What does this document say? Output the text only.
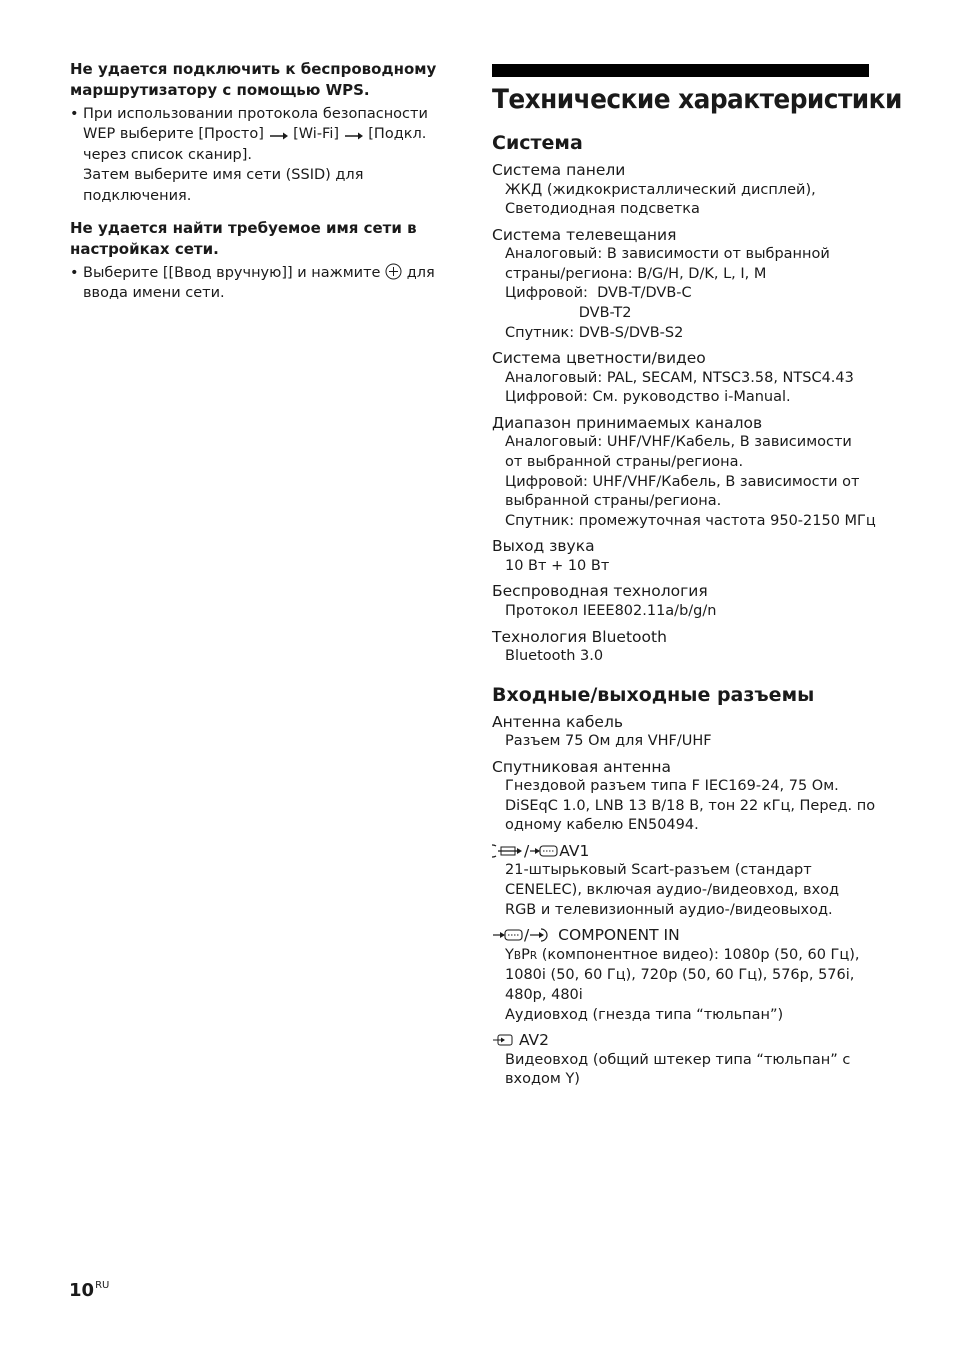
Не удается подключить к беспроводному маршрутизатору с помощью WPS.

• При использовании протокола безопасности
WEP выберите [Просто] [Wi-Fi] [Подкл.
через список сканир].
Затем выберите имя сети (SSID) для
подключения.

Не удается найти требуемое имя сети в настройках сети.

• Выберите [[Ввод вручную]] и нажмите для
ввода имени сети.
Технические характеристики
Система
Система панели
ЖКД (жидкокристаллический дисплей),
Светодиодная подсветка
Система телевещания
Аналоговый: В зависимости от выбранной
страны/региона: B/G/H, D/K, L, I, M
Цифровой:  DVB-T/DVB-C
DVB-T2
Спутник: DVB-S/DVB-S2
Система цветности/видео
Аналоговый: PAL, SECAM, NTSC3.58, NTSC4.43
Цифровой: См. руководство i-Manual.
Диапазон принимаемых каналов
Аналоговый: UHF/VHF/Кабель, В зависимости
от выбранной страны/региона.
Цифровой: UHF/VHF/Кабель, В зависимости от
выбранной страны/региона.
Спутник: промежуточная частота 950-2150 МГц
Выход звука
10 Вт + 10 Вт
Беспроводная технология
Протокол IEEE802.11a/b/g/n
Технология Bluetooth
Bluetooth 3.0
Входные/выходные разъемы
Антенна кабель
Разъем 75 Ом для VHF/UHF
Спутниковая антенна
Гнездовой разъем типа F IEC169-24, 75 Ом.
DiSEqC 1.0, LNB 13 В/18 В, тон 22 кГц, Перед. по
одному кабелю EN50494.
/ AV1
21-штырьковый Scart-разъем (стандарт
CENELEC), включая аудио-/видеовход, вход
RGB и телевизионный аудио-/видеовыход.
/ COMPONENT IN
YBPR (компонентное видео): 1080p (50, 60 Гц),
1080i (50, 60 Гц), 720p (50, 60 Гц), 576p, 576i,
480p, 480i
Аудиовход (гнезда типа “тюльпан”)
AV2
Видеовход (общий штекер типа “тюльпан” с
входом Y)
$10^{RU}$
